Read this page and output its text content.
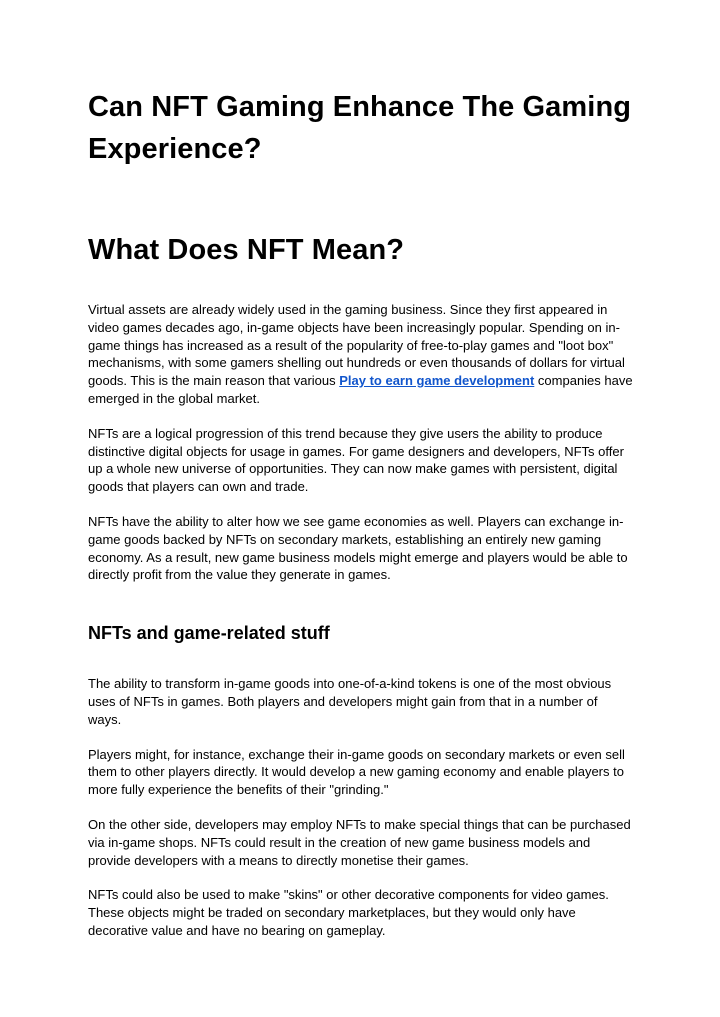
Can NFT Gaming Enhance The Gaming Experience?
What Does NFT Mean?

Virtual assets are already widely used in the gaming business. Since they first appeared in video games decades ago, in-game objects have been increasingly popular. Spending on in-game things has increased as a result of the popularity of free-to-play games and "loot box" mechanisms, with some gamers shelling out hundreds or even thousands of dollars for virtual goods. This is the main reason that various Play to earn game development companies have emerged in the global market.

NFTs are a logical progression of this trend because they give users the ability to produce distinctive digital objects for usage in games. For game designers and developers, NFTs offer up a whole new universe of opportunities. They can now make games with persistent, digital goods that players can own and trade.

NFTs have the ability to alter how we see game economies as well. Players can exchange in-game goods backed by NFTs on secondary markets, establishing an entirely new gaming economy. As a result, new game business models might emerge and players would be able to directly profit from the value they generate in games.

NFTs and game-related stuff

The ability to transform in-game goods into one-of-a-kind tokens is one of the most obvious uses of NFTs in games. Both players and developers might gain from that in a number of ways.

Players might, for instance, exchange their in-game goods on secondary markets or even sell them to other players directly. It would develop a new gaming economy and enable players to more fully experience the benefits of their "grinding."

On the other side, developers may employ NFTs to make special things that can be purchased via in-game shops. NFTs could result in the creation of new game business models and provide developers with a means to directly monetise their games.

NFTs could also be used to make "skins" or other decorative components for video games. These objects might be traded on secondary marketplaces, but they would only have decorative value and have no bearing on gameplay.
